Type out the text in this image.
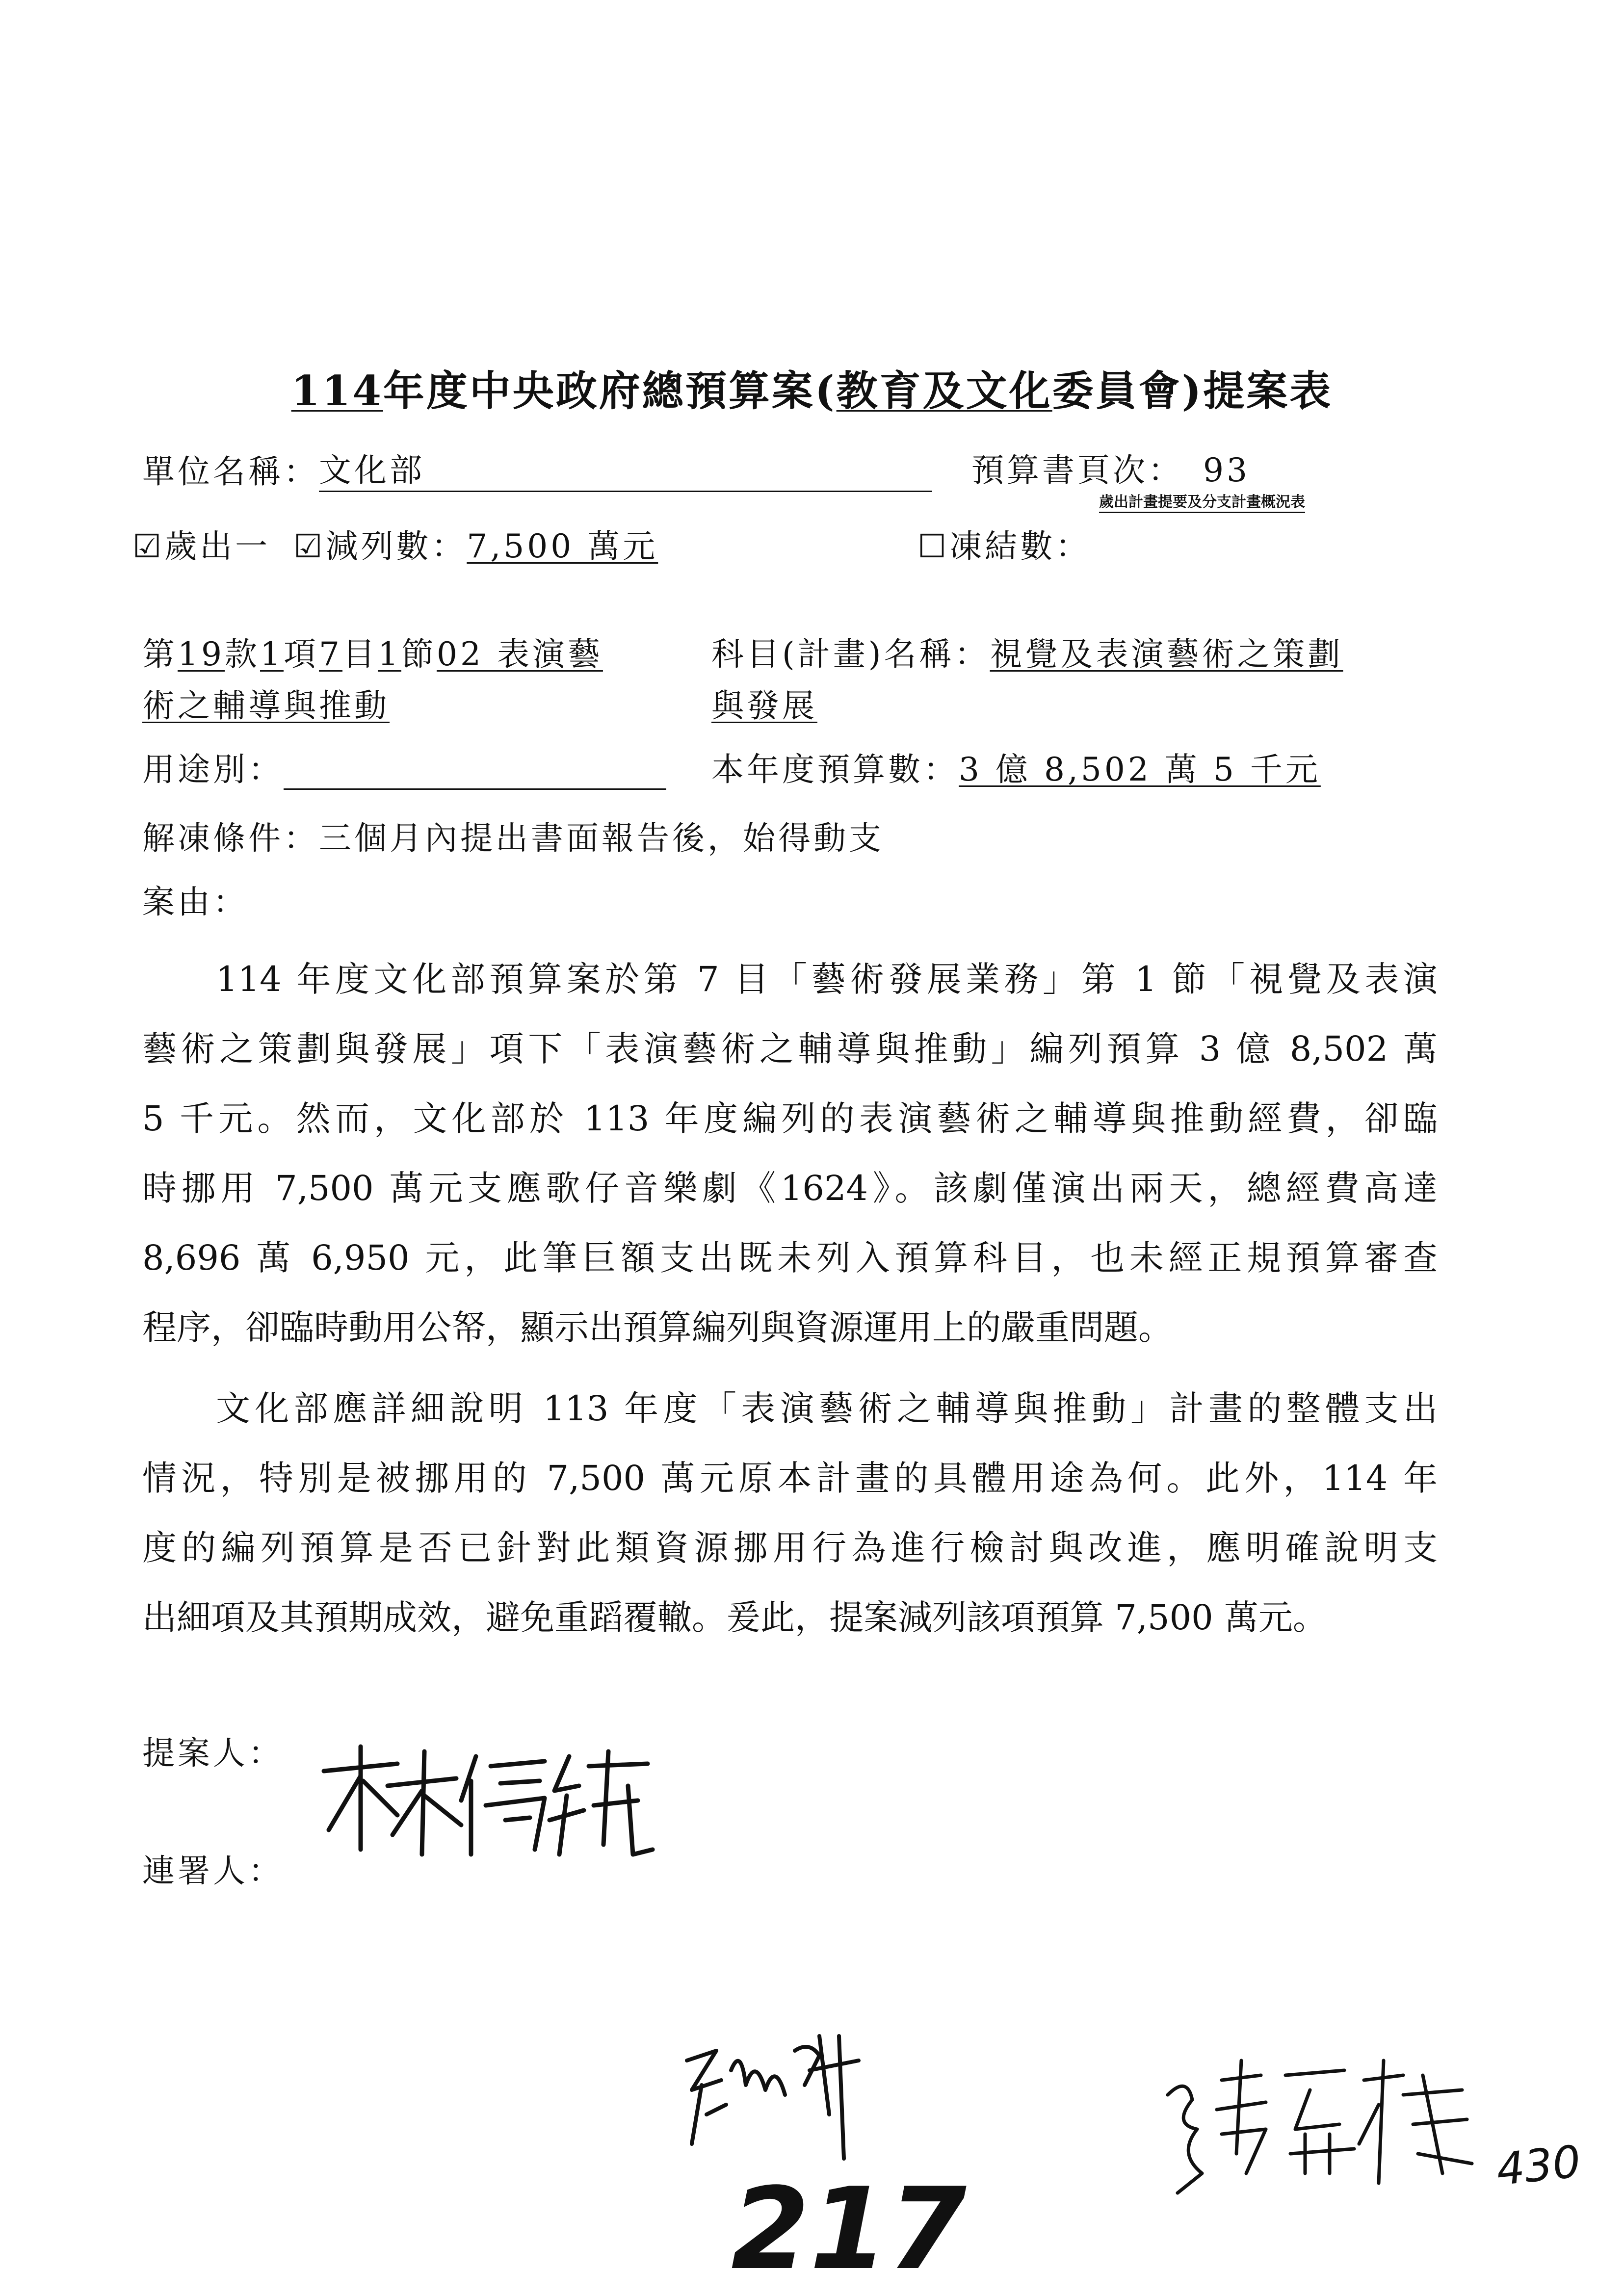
114年度中央政府總預算案(教育及文化委員會)提案表
單位名稱：文化部	預算書頁次： 93
歲出計畫提要及分支計畫概況表
☑歲出一 ☑減列數：7,500 萬元	☐凍結數：
第19款1項7目1節02 表演藝
術之輔導與推動
科目(計畫)名稱：視覺及表演藝術之策劃
與發展
用途別：	本年度預算數：3 億 8,502 萬 5 千元
解凍條件：三個月內提出書面報告後，始得動支
案由：
114 年度文化部預算案於第 7 目「藝術發展業務」第 1 節「視覺及表演
藝術之策劃與發展」項下「表演藝術之輔導與推動」編列預算 3 億 8,502 萬
5 千元。然而，文化部於 113 年度編列的表演藝術之輔導與推動經費，卻臨
時挪用 7,500 萬元支應歌仔音樂劇《1624》。該劇僅演出兩天，總經費高達
8,696 萬 6,950 元，此筆巨額支出既未列入預算科目，也未經正規預算審查
程序，卻臨時動用公帑，顯示出預算編列與資源運用上的嚴重問題。
文化部應詳細說明 113 年度「表演藝術之輔導與推動」計畫的整體支出
情況，特別是被挪用的 7,500 萬元原本計畫的具體用途為何。此外，114 年
度的編列預算是否已針對此類資源挪用行為進行檢討與改進，應明確說明支
出細項及其預期成效，避免重蹈覆轍。爰此，提案減列該項預算 7,500 萬元。
提案人：
連署人：
217	430
